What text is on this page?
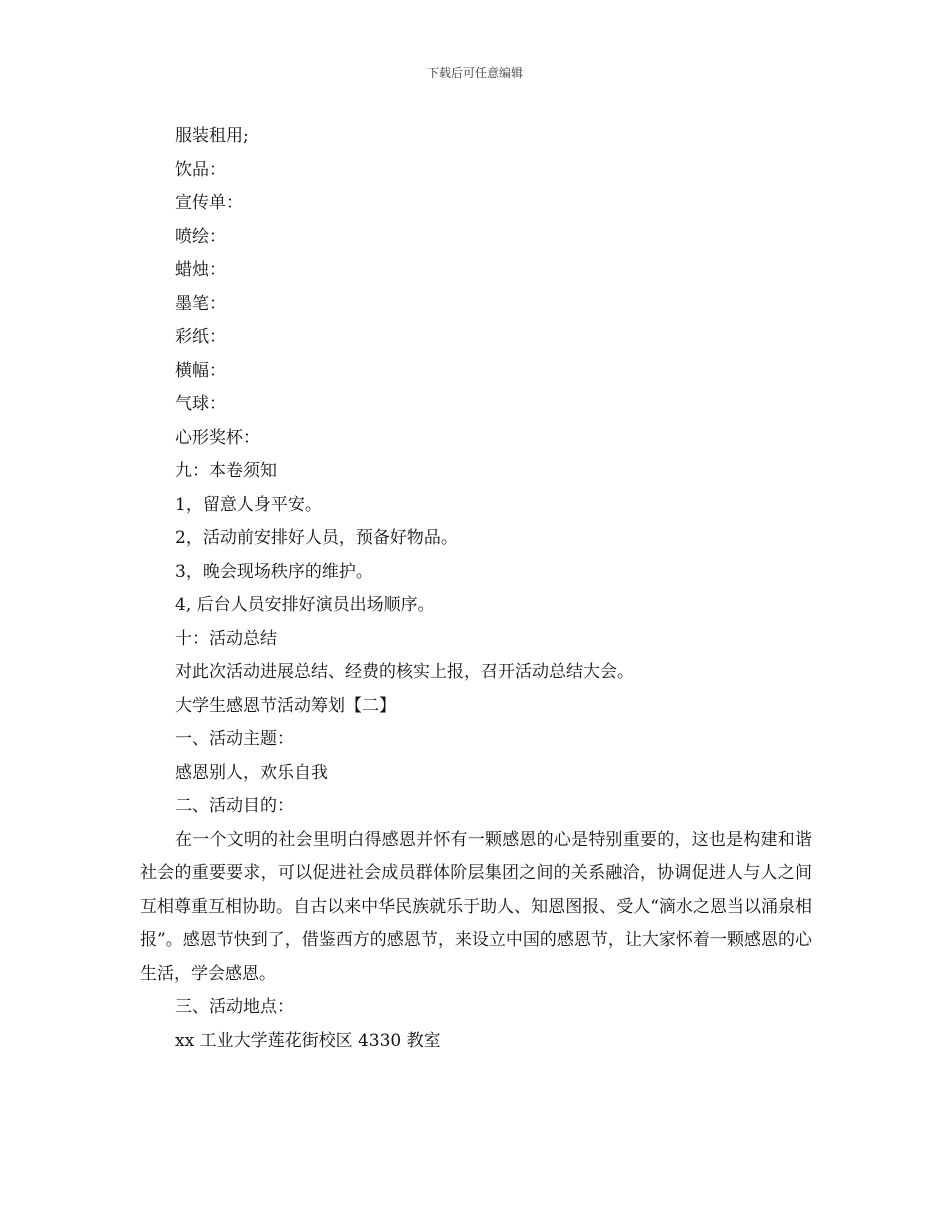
下载后可任意编辑
服装租用;
饮品：
宣传单：
喷绘：
蜡烛：
墨笔：
彩纸：
横幅：
气球：
心形奖杯：
九：本卷须知
1，留意人身平安。
2，活动前安排好人员，预备好物品。
3，晚会现场秩序的维护。
4, 后台人员安排好演员出场顺序。
十：活动总结
对此次活动进展总结、经费的核实上报，召开活动总结大会。
大学生感恩节活动筹划【二】
一、活动主题：
感恩别人，欢乐自我
二、活动目的：
在一个文明的社会里明白得感恩并怀有一颗感恩的心是特别重要的，这也是构建和谐社会的重要要求，可以促进社会成员群体阶层集团之间的关系融洽，协调促进人与人之间互相尊重互相协助。自古以来中华民族就乐于助人、知恩图报、受人“滴水之恩当以涌泉相报”。感恩节快到了，借鉴西方的感恩节，来设立中国的感恩节，让大家怀着一颗感恩的心生活，学会感恩。
三、活动地点：
xx 工业大学莲花街校区 4330 教室
